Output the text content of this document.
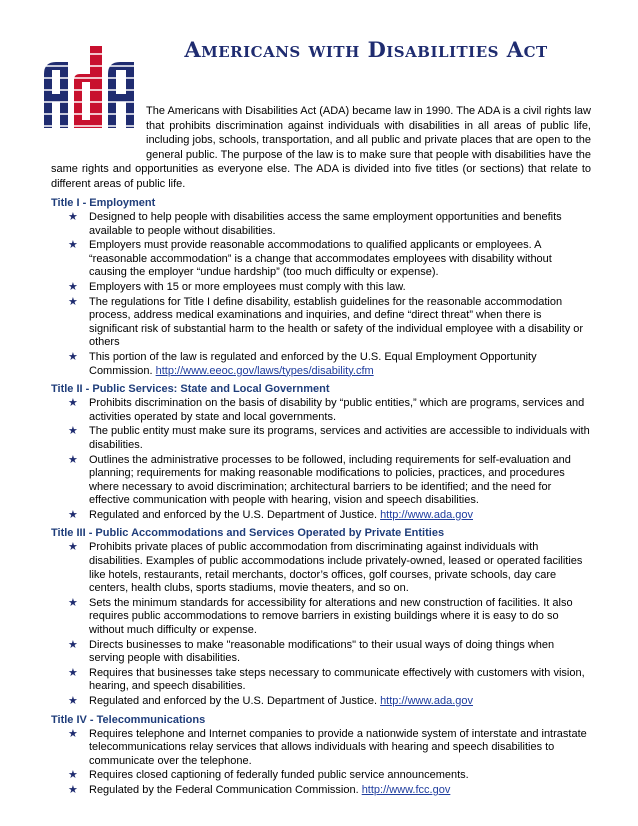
Americans with Disabilities Act

The Americans with Disabilities Act (ADA) became law in 1990. The ADA is a civil rights law that prohibits discrimination against individuals with disabilities in all areas of public life, including jobs, schools, transportation, and all public and private places that are open to the general public. The purpose of the law is to make sure that people with disabilities have the same rights and opportunities as everyone else. The ADA is divided into five titles (or sections) that relate to different areas of public life.

Title I - Employment
★ Designed to help people with disabilities access the same employment opportunities and benefits available to people without disabilities.
★ Employers must provide reasonable accommodations to qualified applicants or employees. A “reasonable accommodation” is a change that accommodates employees with disability without causing the employer “undue hardship” (too much difficulty or expense).
★ Employers with 15 or more employees must comply with this law.
★ The regulations for Title I define disability, establish guidelines for the reasonable accommodation process, address medical examinations and inquiries, and define “direct threat” when there is significant risk of substantial harm to the health or safety of the individual employee with a disability or others
★ This portion of the law is regulated and enforced by the U.S. Equal Employment Opportunity Commission. http://www.eeoc.gov/laws/types/disability.cfm
Title II - Public Services: State and Local Government
★ Prohibits discrimination on the basis of disability by “public entities,” which are programs, services and activities operated by state and local governments.
★ The public entity must make sure its programs, services and activities are accessible to individuals with disabilities.
★ Outlines the administrative processes to be followed, including requirements for self-evaluation and planning; requirements for making reasonable modifications to policies, practices, and procedures where necessary to avoid discrimination; architectural barriers to be identified; and the need for effective communication with people with hearing, vision and speech disabilities.
★ Regulated and enforced by the U.S. Department of Justice. http://www.ada.gov
Title III - Public Accommodations and Services Operated by Private Entities
★ Prohibits private places of public accommodation from discriminating against individuals with disabilities. Examples of public accommodations include privately-owned, leased or operated facilities like hotels, restaurants, retail merchants, doctor’s offices, golf courses, private schools, day care centers, health clubs, sports stadiums, movie theaters, and so on.
★ Sets the minimum standards for accessibility for alterations and new construction of facilities. It also requires public accommodations to remove barriers in existing buildings where it is easy to do so without much difficulty or expense.
★ Directs businesses to make "reasonable modifications" to their usual ways of doing things when serving people with disabilities.
★ Requires that businesses take steps necessary to communicate effectively with customers with vision, hearing, and speech disabilities.
★ Regulated and enforced by the U.S. Department of Justice. http://www.ada.gov
Title IV - Telecommunications
★ Requires telephone and Internet companies to provide a nationwide system of interstate and intrastate telecommunications relay services that allows individuals with hearing and speech disabilities to communicate over the telephone.
★ Requires closed captioning of federally funded public service announcements.
★ Regulated by the Federal Communication Commission. http://www.fcc.gov
